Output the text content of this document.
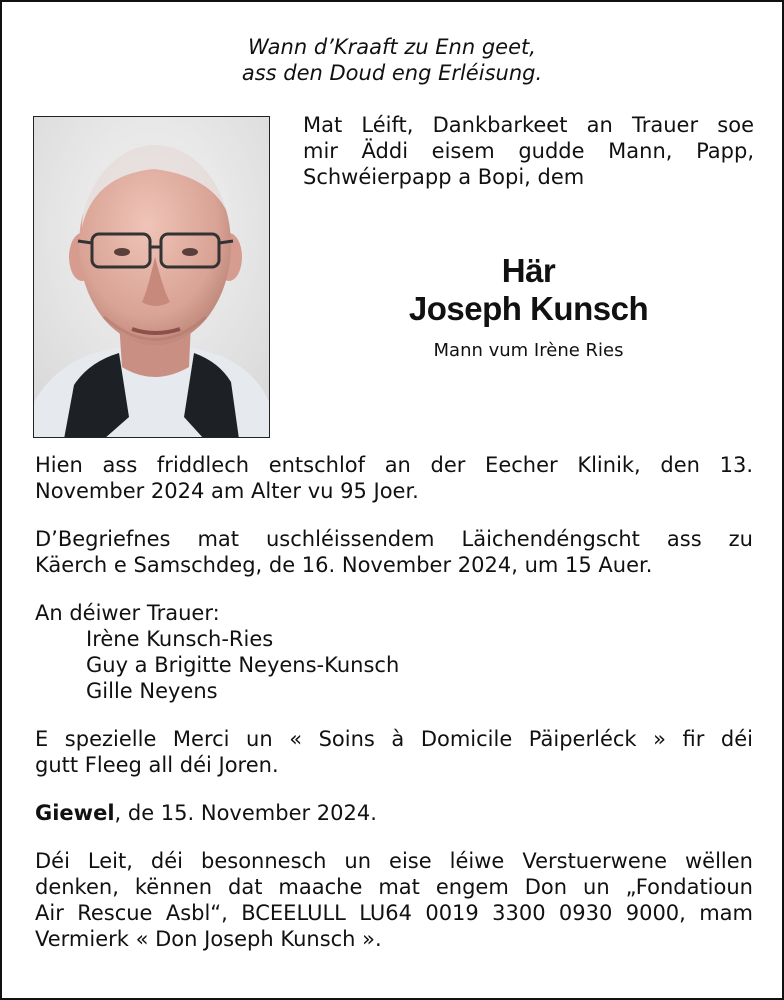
Wann d’Kraaft zu Enn geet,
ass den Doud eng Erléisung.
Mat Léift, Dankbarkeet an Trauer soe
mir Äddi eisem gudde Mann, Papp,
Schwéierpapp a Bopi, dem
Här
Joseph Kunsch
Mann vum Irène Ries
Hien ass friddlech entschlof an der Eecher Klinik, den 13.
November 2024 am Alter vu 95 Joer.
D’Begriefnes mat uschléissendem Läichendéngscht ass zu
Käerch e Samschdeg, de 16. November 2024, um 15 Auer.
An déiwer Trauer:
Irène Kunsch-Ries
Guy a Brigitte Neyens-Kunsch
Gille Neyens
E spezielle Merci un « Soins à Domicile Päiperléck » fir déi
gutt Fleeg all déi Joren.
Giewel, de 15. November 2024.
Déi Leit, déi besonnesch un eise léiwe Verstuerwene wëllen
denken, kënnen dat maache mat engem Don un „Fondatioun
Air Rescue Asbl“, BCEELULL LU64 0019 3300 0930 9000, mam
Vermierk « Don Joseph Kunsch ».
